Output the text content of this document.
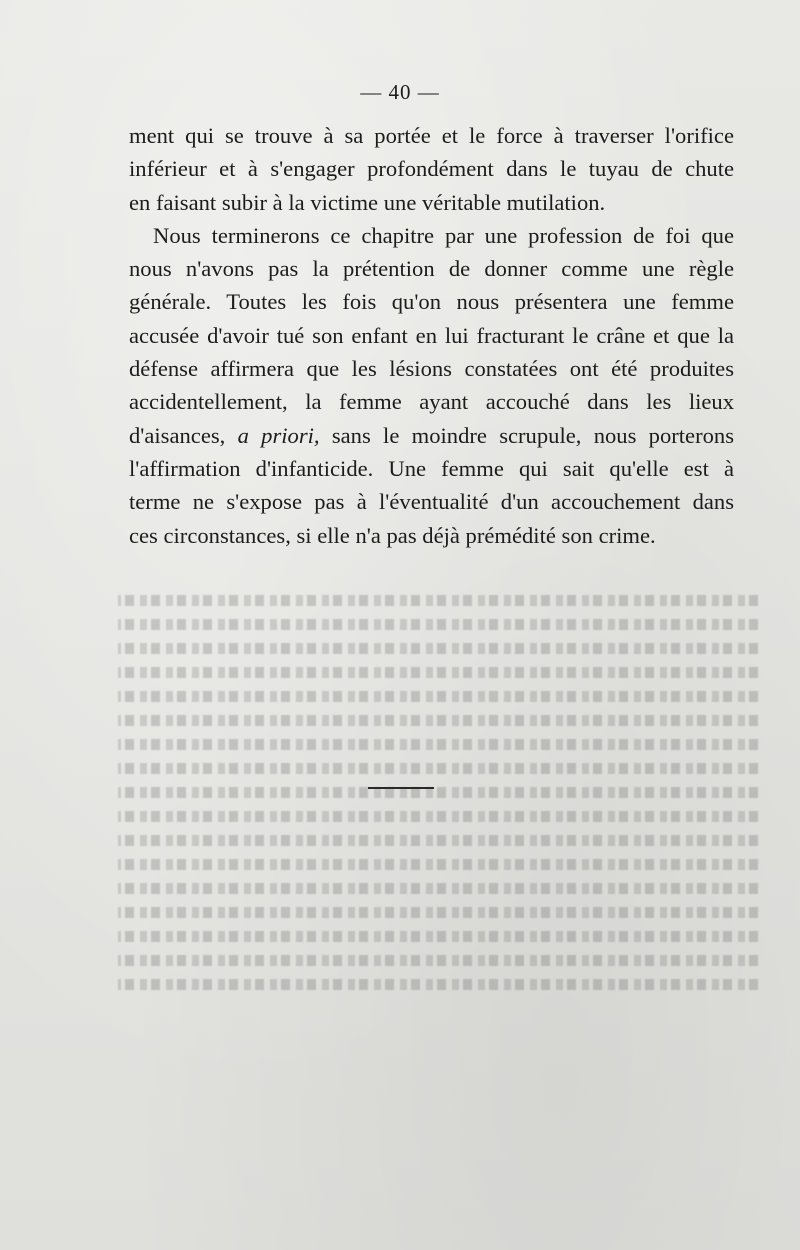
— 40 —
ment qui se trouve à sa portée et le force à traverser l'orifice
inférieur et à s'engager profondément dans le tuyau de chute
en faisant subir à la victime une véritable mutilation.
Nous terminerons ce chapitre par une profession de foi que
nous n'avons pas la prétention de donner comme une règle
générale. Toutes les fois qu'on nous présentera une femme
accusée d'avoir tué son enfant en lui fracturant le crâne et que la
défense affirmera que les lésions constatées ont été produites
accidentellement, la femme ayant accouché dans les lieux
d'aisances, a priori, sans le moindre scrupule, nous porterons
l'affirmation d'infanticide. Une femme qui sait qu'elle est à
terme ne s'expose pas à l'éventualité d'un accouchement dans
ces circonstances, si elle n'a pas déjà prémédité son crime.
